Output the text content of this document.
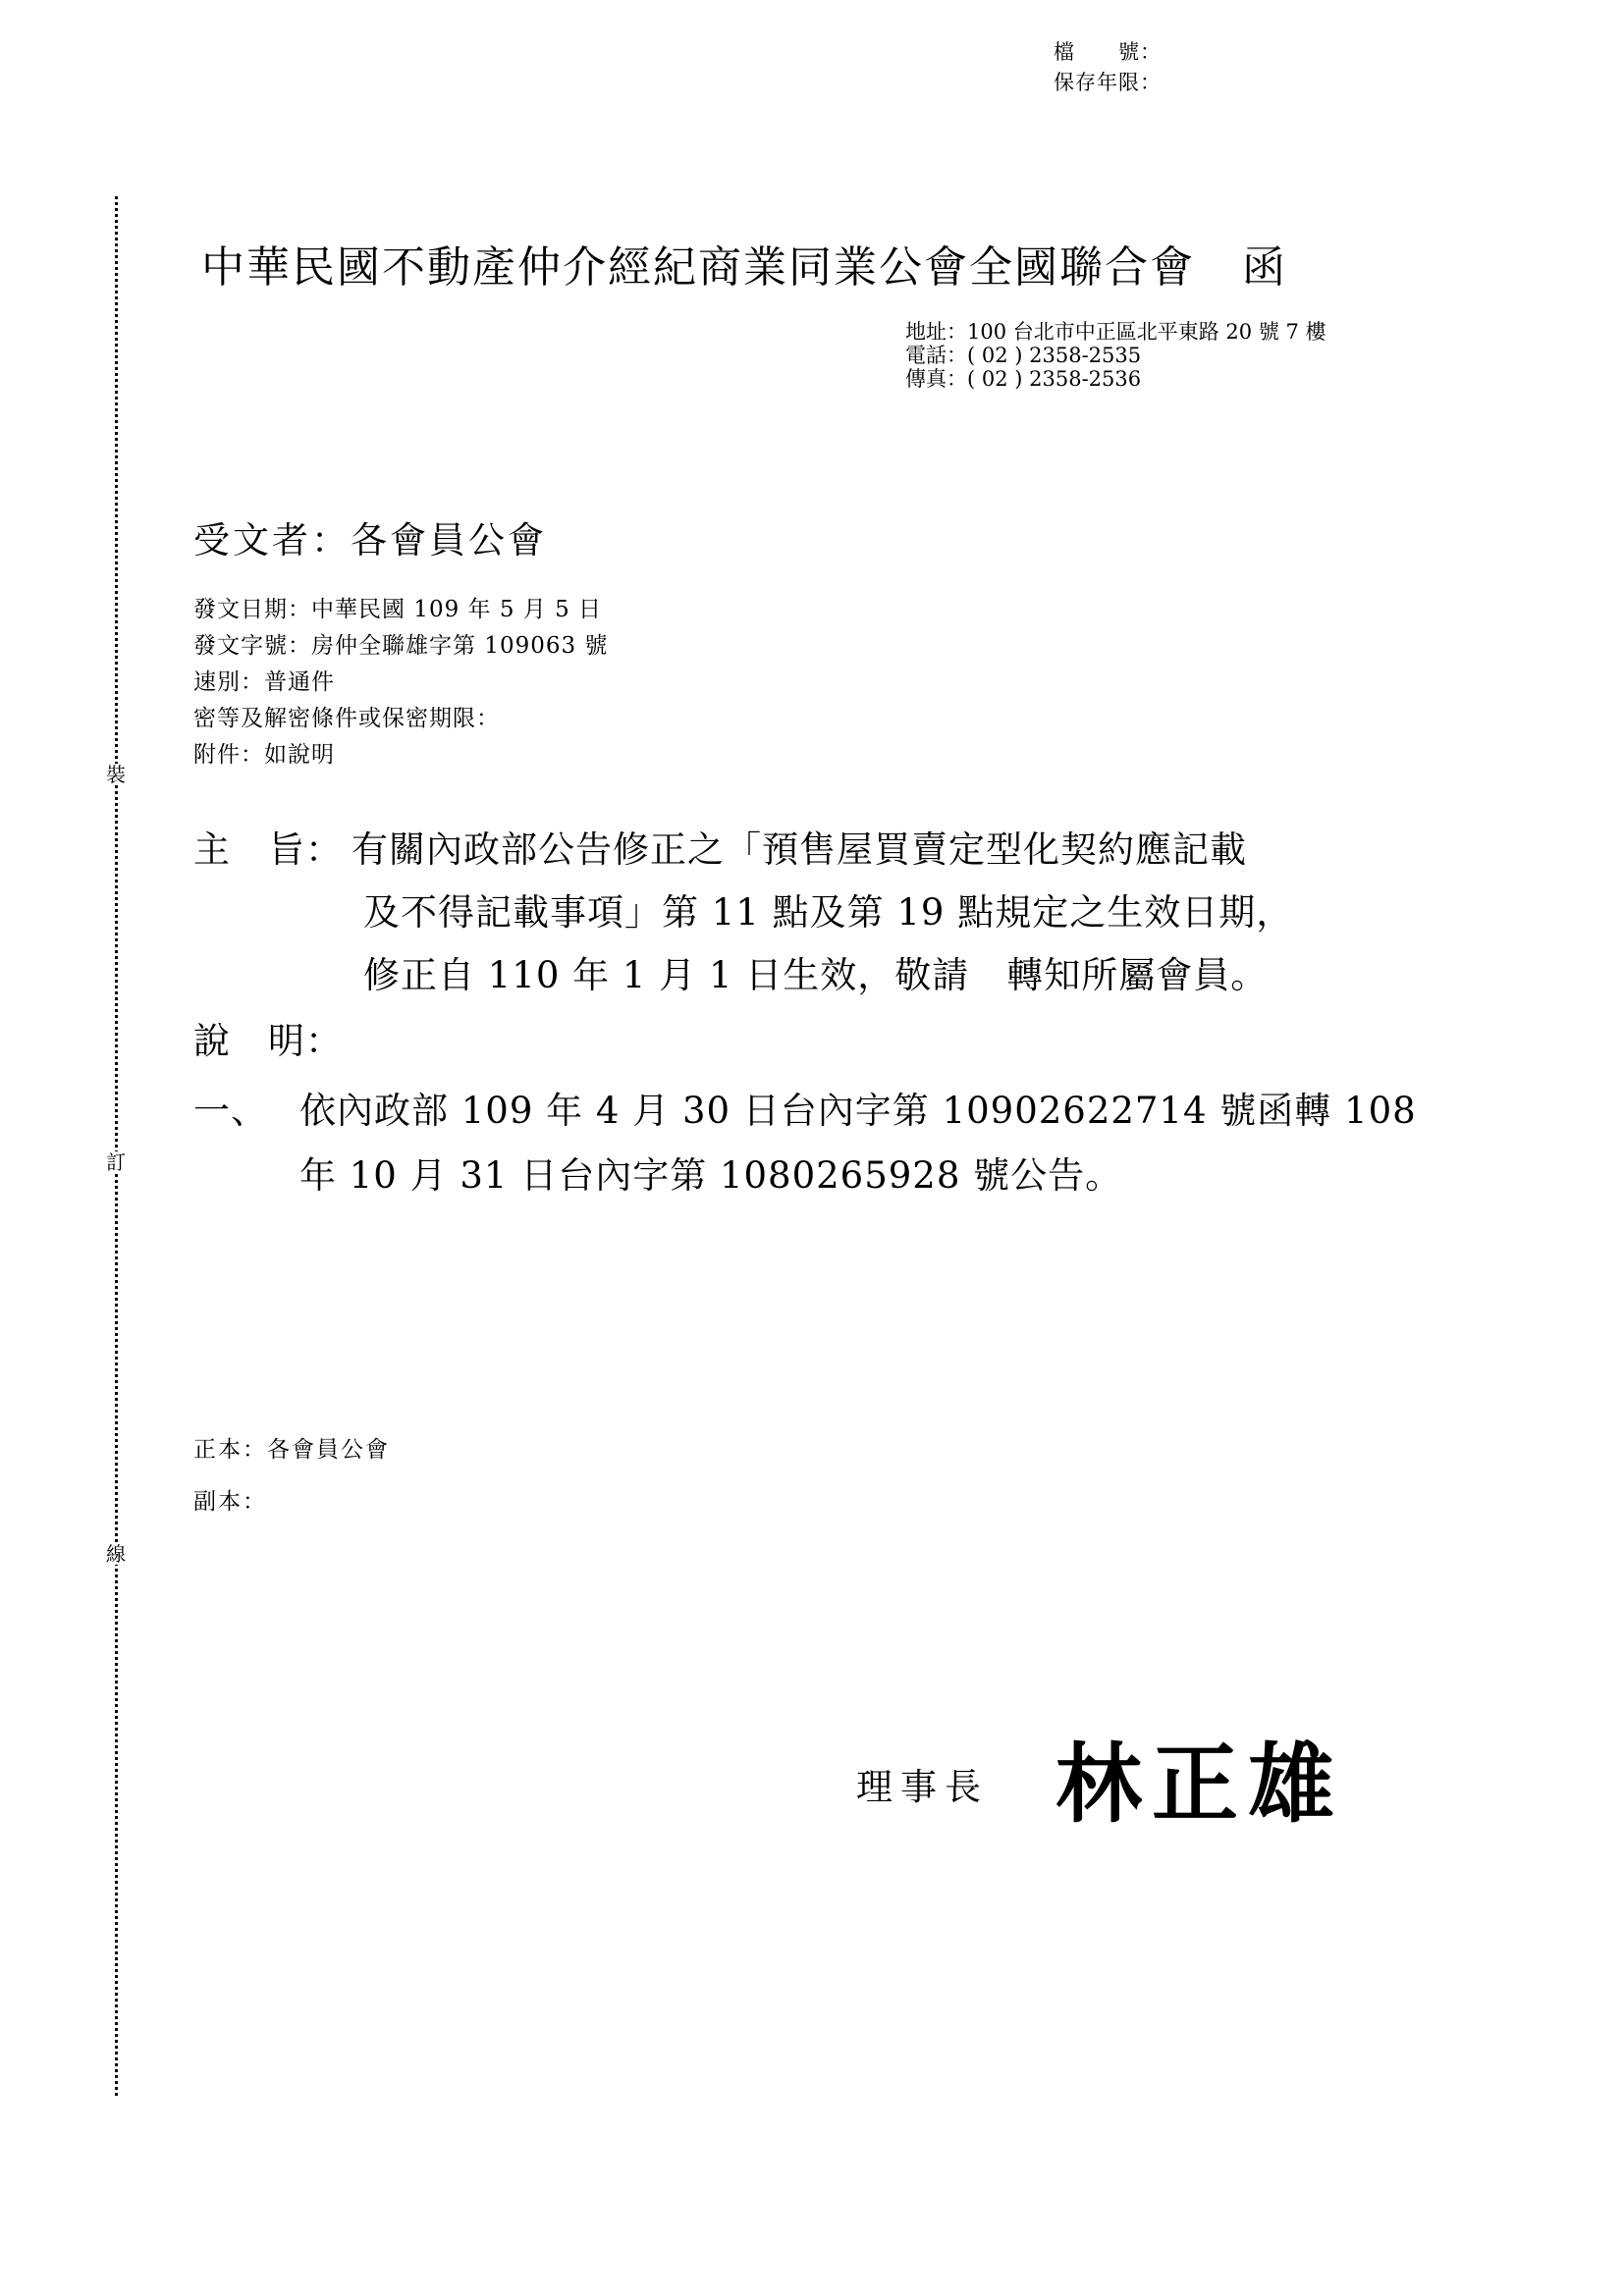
檔　　號：
保存年限：
裝
訂
線
中華民國不動產仲介經紀商業同業公會全國聯合會 函
地址：100 台北市中正區北平東路 20 號 7 樓
電話：( 02 ) 2358-2535
傳真：( 02 ) 2358-2536
受文者：各會員公會
發文日期：中華民國 109 年 5 月 5 日
發文字號：房仲全聯雄字第 109063 號
速別：普通件
密等及解密條件或保密期限：
附件：如說明
主　旨： 有關內政部公告修正之「預售屋買賣定型化契約應記載
及不得記載事項」第 11 點及第 19 點規定之生效日期，
修正自 110 年 1 月 1 日生效，敬請　轉知所屬會員。
說　明：
一、 依內政部 109 年 4 月 30 日台內字第 10902622714 號函轉 108
年 10 月 31 日台內字第 1080265928 號公告。
正本：各會員公會
副本：
理事長 林正雄
